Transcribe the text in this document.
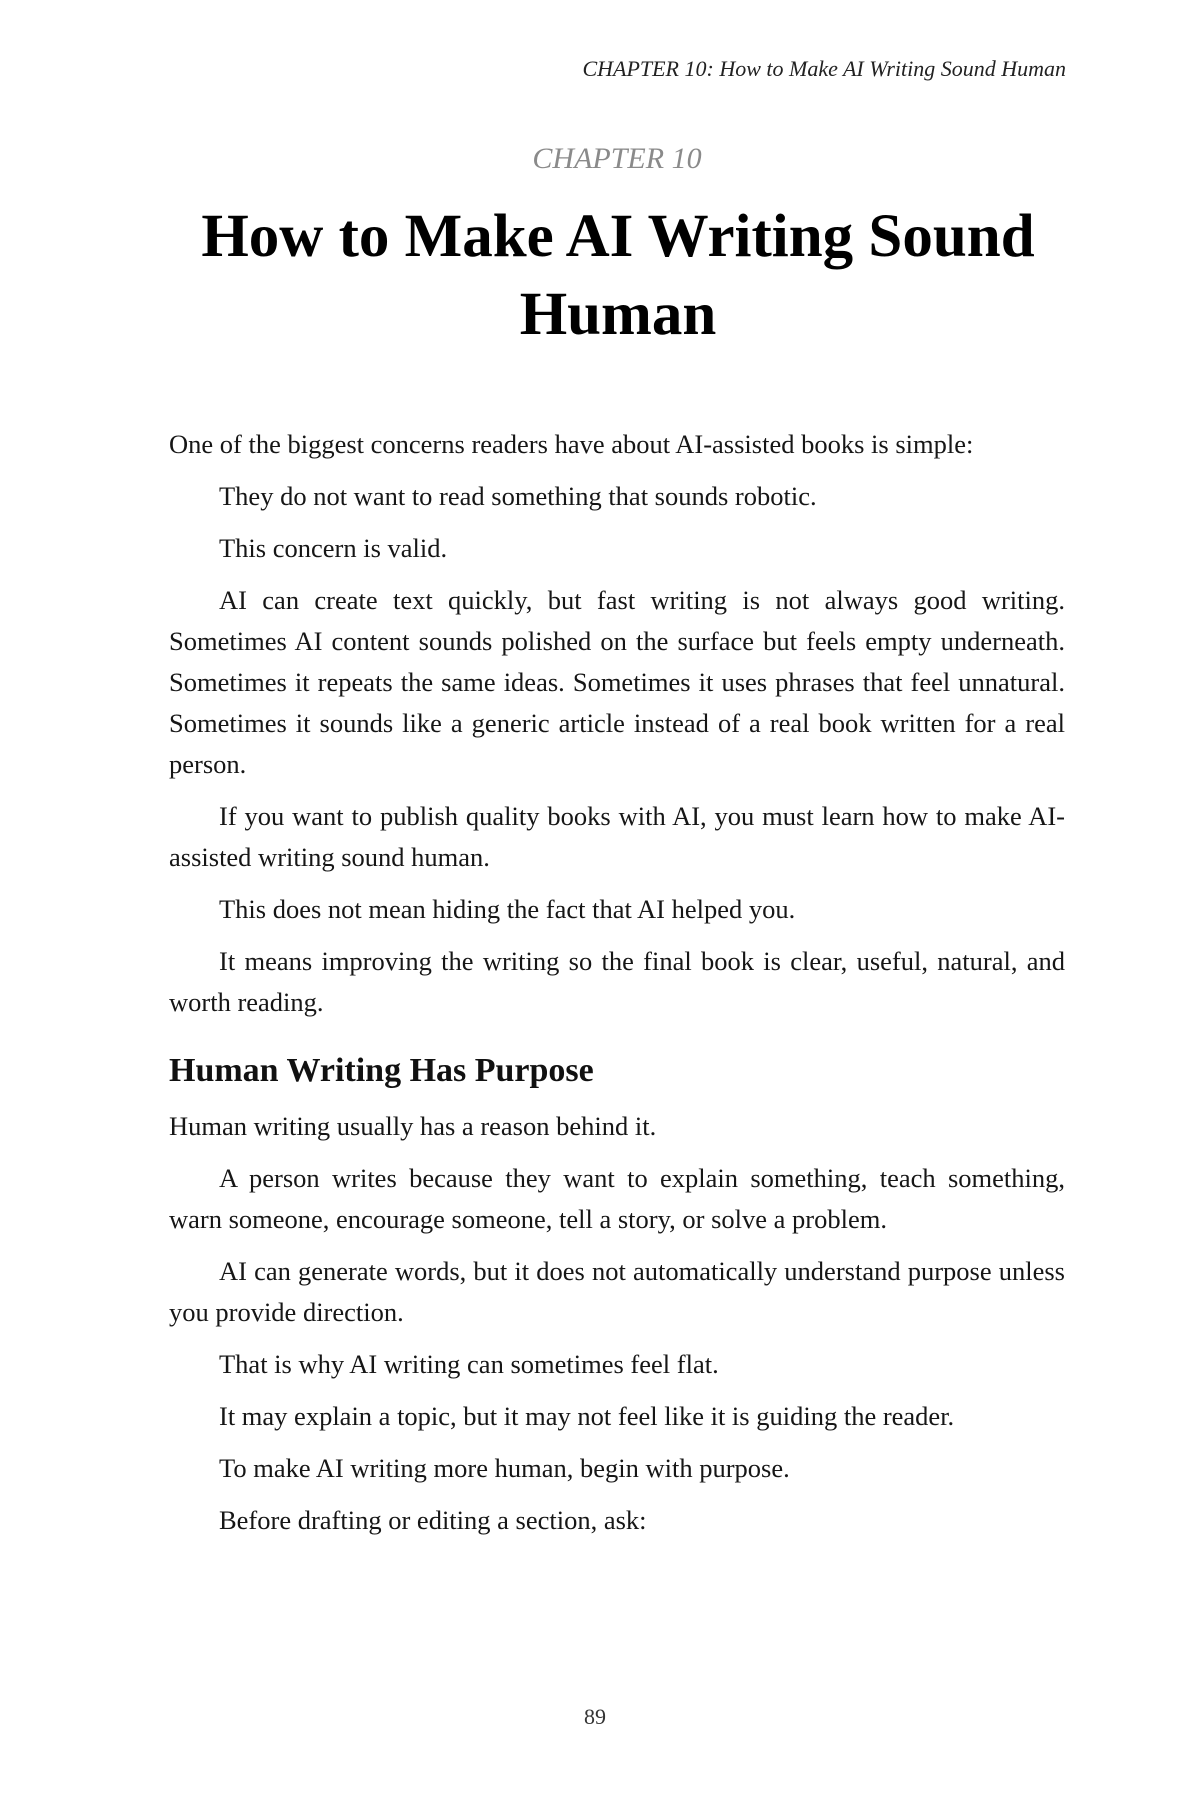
CHAPTER 10: How to Make AI Writing Sound Human
CHAPTER 10
How to Make AI Writing Sound Human

One of the biggest concerns readers have about AI-assisted books is simple:

They do not want to read something that sounds robotic.

This concern is valid.

AI can create text quickly, but fast writing is not always good writing. Sometimes AI content sounds polished on the surface but feels empty underneath. Sometimes it repeats the same ideas. Sometimes it uses phrases that feel unnatural. Sometimes it sounds like a generic article instead of a real book written for a real person.

If you want to publish quality books with AI, you must learn how to make AI-assisted writing sound human.

This does not mean hiding the fact that AI helped you.

It means improving the writing so the final book is clear, useful, natural, and worth reading.

Human Writing Has Purpose

Human writing usually has a reason behind it.

A person writes because they want to explain something, teach something, warn someone, encourage someone, tell a story, or solve a problem.

AI can generate words, but it does not automatically understand purpose unless you provide direction.

That is why AI writing can sometimes feel flat.

It may explain a topic, but it may not feel like it is guiding the reader.

To make AI writing more human, begin with purpose.

Before drafting or editing a section, ask:

89
